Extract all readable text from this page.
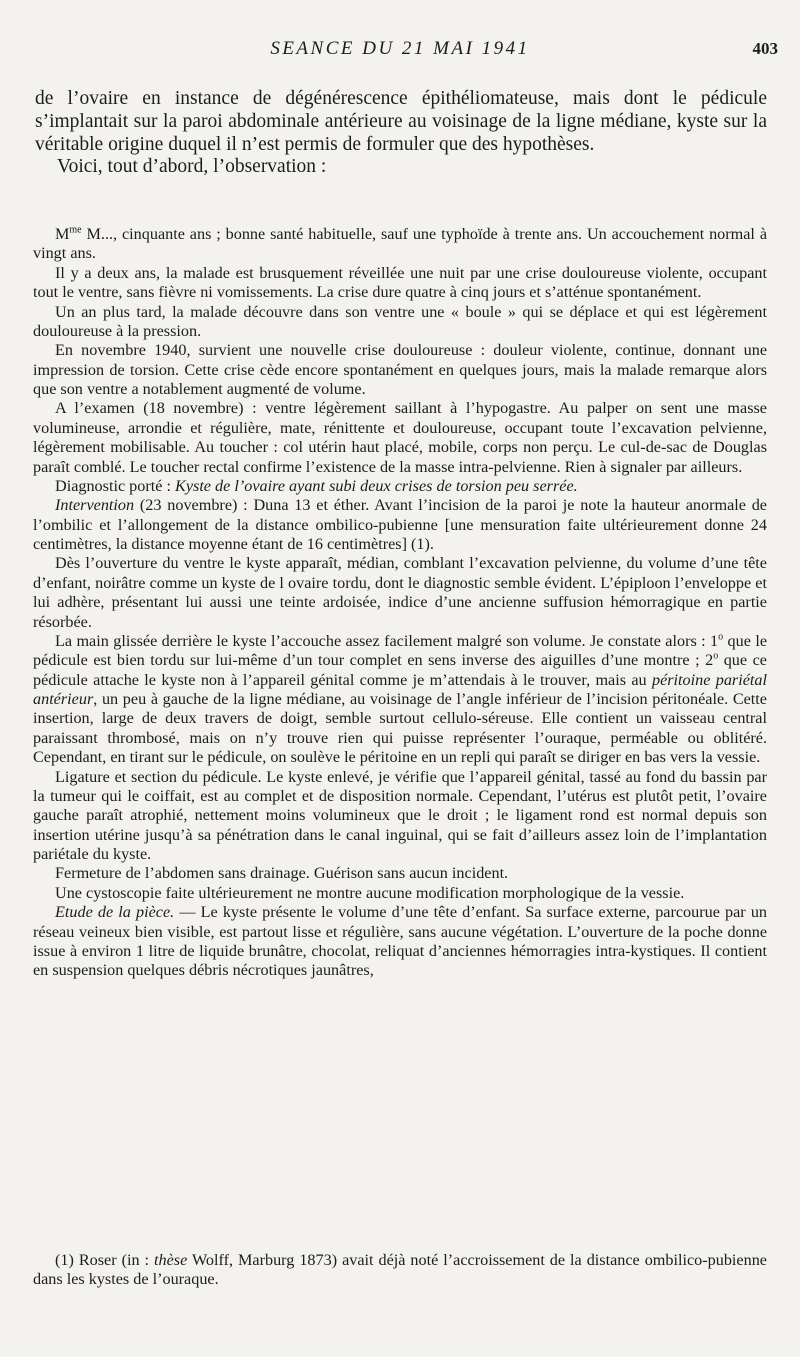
SEANCE DU 21 MAI 1941	403

de l’ovaire en instance de dégénérescence épithéliomateuse, mais dont le pédicule s’implantait sur la paroi abdominale antérieure au voisinage de la ligne médiane, kyste sur la véritable origine duquel il n’est permis de formuler que des hypothèses.

Voici, tout d’abord, l’observation :

$M^{me}$ M..., cinquante ans ; bonne santé habituelle, sauf une typhoïde à trente ans. Un accouchement normal à vingt ans.

Il y a deux ans, la malade est brusquement réveillée une nuit par une crise douloureuse violente, occupant tout le ventre, sans fièvre ni vomissements. La crise dure quatre à cinq jours et s’atténue spontanément.

Un an plus tard, la malade découvre dans son ventre une « boule » qui se déplace et qui est légèrement douloureuse à la pression.

En novembre 1940, survient une nouvelle crise douloureuse : douleur violente, continue, donnant une impression de torsion. Cette crise cède encore spontanément en quelques jours, mais la malade remarque alors que son ventre a notablement augmenté de volume.

A l’examen (18 novembre) : ventre légèrement saillant à l’hypogastre. Au palper on sent une masse volumineuse, arrondie et régulière, mate, rénittente et douloureuse, occupant toute l’excavation pelvienne, légèrement mobilisable. Au toucher : col utérin haut placé, mobile, corps non perçu. Le cul-de-sac de Douglas paraît comblé. Le toucher rectal confirme l’existence de la masse intra-pelvienne. Rien à signaler par ailleurs.

Diagnostic porté : Kyste de l’ovaire ayant subi deux crises de torsion peu serrée.

Intervention (23 novembre) : Duna 13 et éther. Avant l’incision de la paroi je note la hauteur anormale de l’ombilic et l’allongement de la distance ombilico-pubienne [une mensuration faite ultérieurement donne 24 centimètres, la distance moyenne étant de 16 centimètres] (1).

Dès l’ouverture du ventre le kyste apparaît, médian, comblant l’excavation pelvienne, du volume d’une tête d’enfant, noirâtre comme un kyste de l ovaire tordu, dont le diagnostic semble évident. L’épiploon l’enveloppe et lui adhère, présentant lui aussi une teinte ardoisée, indice d’une ancienne suffusion hémorragique en partie résorbée.

La main glissée derrière le kyste l’accouche assez facilement malgré son volume. Je constate alors : 1$^o$ que le pédicule est bien tordu sur lui-même d’un tour complet en sens inverse des aiguilles d’une montre ; 2$^o$ que ce pédicule attache le kyste non à l’appareil génital comme je m’attendais à le trouver, mais au péritoine pariétal antérieur, un peu à gauche de la ligne médiane, au voisinage de l’angle inférieur de l’incision péritonéale. Cette insertion, large de deux travers de doigt, semble surtout cellulo-séreuse. Elle contient un vaisseau central paraissant thrombosé, mais on n’y trouve rien qui puisse représenter l’ouraque, perméable ou oblitéré. Cependant, en tirant sur le pédicule, on soulève le péritoine en un repli qui paraît se diriger en bas vers la vessie.

Ligature et section du pédicule. Le kyste enlevé, je vérifie que l’appareil génital, tassé au fond du bassin par la tumeur qui le coiffait, est au complet et de disposition normale. Cependant, l’utérus est plutôt petit, l’ovaire gauche paraît atrophié, nettement moins volumineux que le droit ; le ligament rond est normal depuis son insertion utérine jusqu’à sa pénétration dans le canal inguinal, qui se fait d’ailleurs assez loin de l’implantation pariétale du kyste.

Fermeture de l’abdomen sans drainage. Guérison sans aucun incident.

Une cystoscopie faite ultérieurement ne montre aucune modification morphologique de la vessie.

Etude de la pièce. — Le kyste présente le volume d’une tête d’enfant. Sa surface externe, parcourue par un réseau veineux bien visible, est partout lisse et régulière, sans aucune végétation. L’ouverture de la poche donne issue à environ 1 litre de liquide brunâtre, chocolat, reliquat d’anciennes hémorragies intra-kystiques. Il contient en suspension quelques débris nécrotiques jaunâtres,

(1) Roser (in : thèse Wolff, Marburg 1873) avait déjà noté l’accroissement de la distance ombilico-pubienne dans les kystes de l’ouraque.
